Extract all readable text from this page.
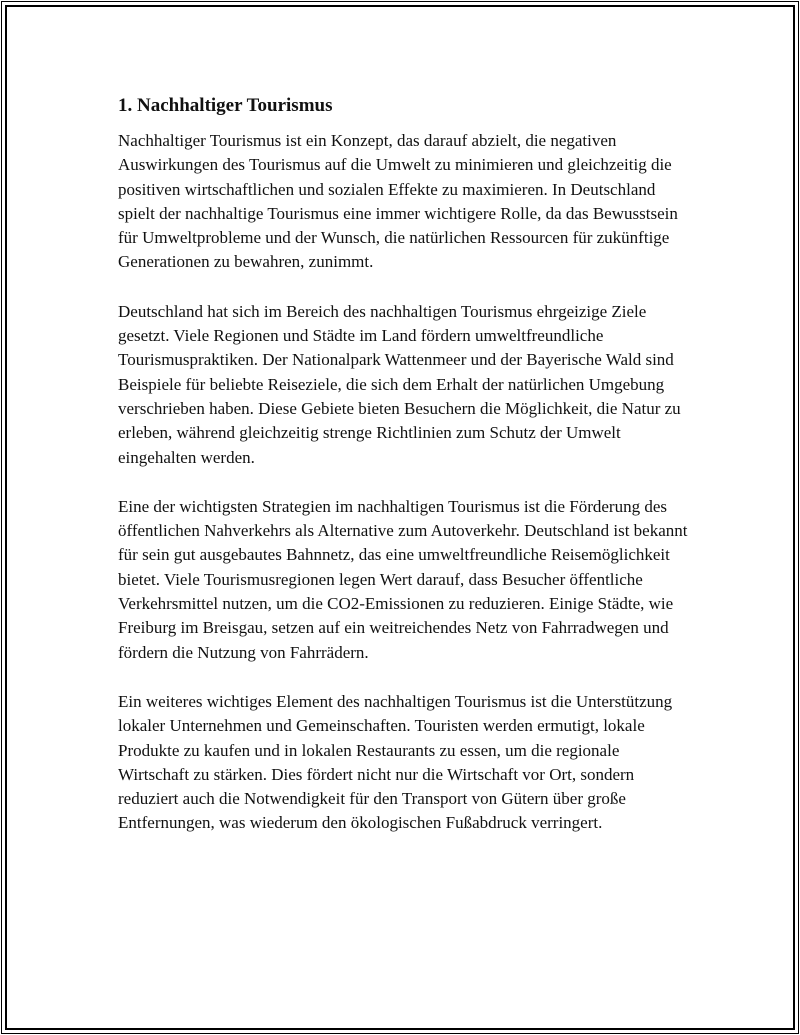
1. Nachhaltiger Tourismus

Nachhaltiger Tourismus ist ein Konzept, das darauf abzielt, die negativen Auswirkungen des Tourismus auf die Umwelt zu minimieren und gleichzeitig die positiven wirtschaftlichen und sozialen Effekte zu maximieren. In Deutschland spielt der nachhaltige Tourismus eine immer wichtigere Rolle, da das Bewusstsein für Umweltprobleme und der Wunsch, die natürlichen Ressourcen für zukünftige Generationen zu bewahren, zunimmt.

Deutschland hat sich im Bereich des nachhaltigen Tourismus ehrgeizige Ziele gesetzt. Viele Regionen und Städte im Land fördern umweltfreundliche Tourismuspraktiken. Der Nationalpark Wattenmeer und der Bayerische Wald sind Beispiele für beliebte Reiseziele, die sich dem Erhalt der natürlichen Umgebung verschrieben haben. Diese Gebiete bieten Besuchern die Möglichkeit, die Natur zu erleben, während gleichzeitig strenge Richtlinien zum Schutz der Umwelt eingehalten werden.

Eine der wichtigsten Strategien im nachhaltigen Tourismus ist die Förderung des öffentlichen Nahverkehrs als Alternative zum Autoverkehr. Deutschland ist bekannt für sein gut ausgebautes Bahnnetz, das eine umweltfreundliche Reisemöglichkeit bietet. Viele Tourismusregionen legen Wert darauf, dass Besucher öffentliche Verkehrsmittel nutzen, um die CO2-Emissionen zu reduzieren. Einige Städte, wie Freiburg im Breisgau, setzen auf ein weitreichendes Netz von Fahrradwegen und fördern die Nutzung von Fahrrädern.

Ein weiteres wichtiges Element des nachhaltigen Tourismus ist die Unterstützung lokaler Unternehmen und Gemeinschaften. Touristen werden ermutigt, lokale Produkte zu kaufen und in lokalen Restaurants zu essen, um die regionale Wirtschaft zu stärken. Dies fördert nicht nur die Wirtschaft vor Ort, sondern reduziert auch die Notwendigkeit für den Transport von Gütern über große Entfernungen, was wiederum den ökologischen Fußabdruck verringert.
